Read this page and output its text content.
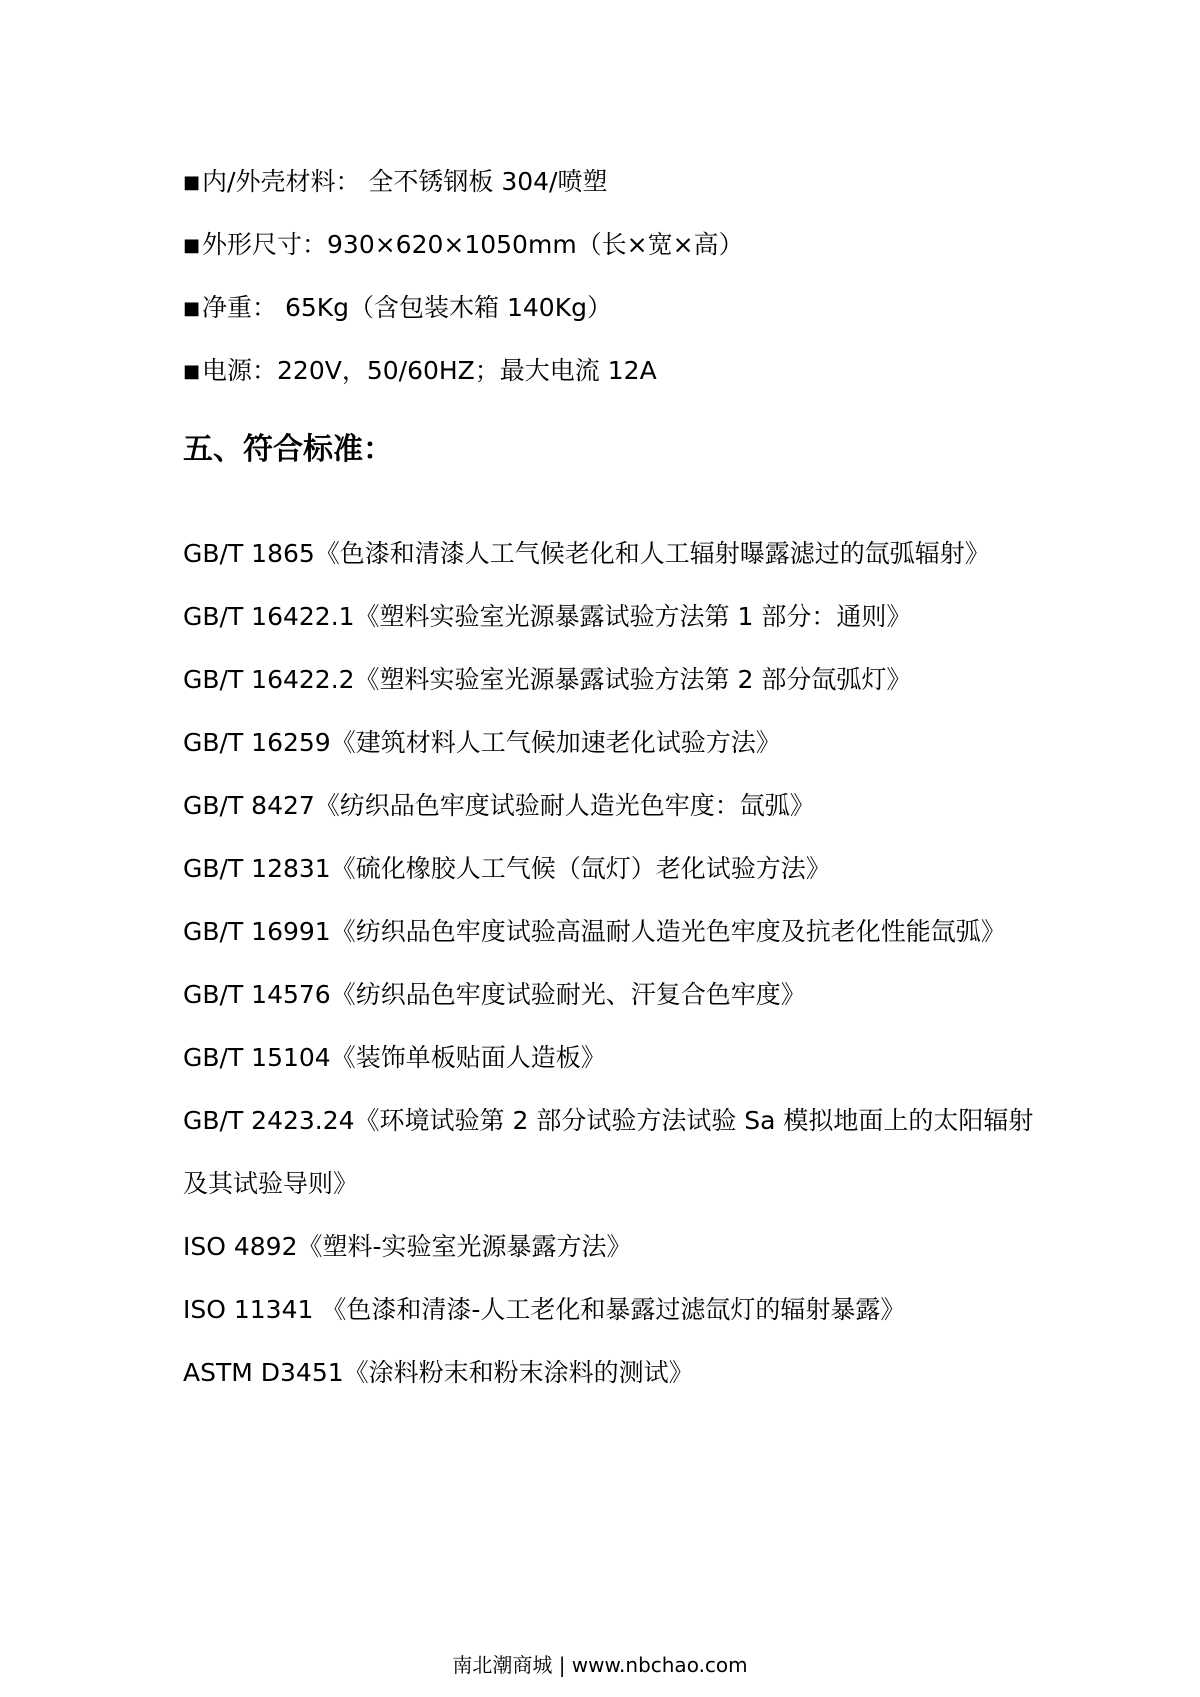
■内/外壳材料： 全不锈钢板 304/喷塑
■外形尺寸：930×620×1050mm（长×宽×高）
■净重： 65Kg（含包装木箱 140Kg）
■电源：220V，50/60HZ；最大电流 12A
五、符合标准：
GB/T 1865《色漆和清漆人工气候老化和人工辐射曝露滤过的氙弧辐射》
GB/T 16422.1《塑料实验室光源暴露试验方法第 1 部分：通则》
GB/T 16422.2《塑料实验室光源暴露试验方法第 2 部分氙弧灯》
GB/T 16259《建筑材料人工气候加速老化试验方法》
GB/T 8427《纺织品色牢度试验耐人造光色牢度：氙弧》
GB/T 12831《硫化橡胶人工气候（氙灯）老化试验方法》
GB/T 16991《纺织品色牢度试验高温耐人造光色牢度及抗老化性能氙弧》
GB/T 14576《纺织品色牢度试验耐光、汗复合色牢度》
GB/T 15104《装饰单板贴面人造板》
GB/T 2423.24《环境试验第 2 部分试验方法试验 Sa 模拟地面上的太阳辐射及其试验导则》
ISO 4892《塑料-实验室光源暴露方法》
ISO 11341 《色漆和清漆-人工老化和暴露过滤氙灯的辐射暴露》
ASTM D3451《涂料粉末和粉末涂料的测试》
南北潮商城 | www.nbchao.com
